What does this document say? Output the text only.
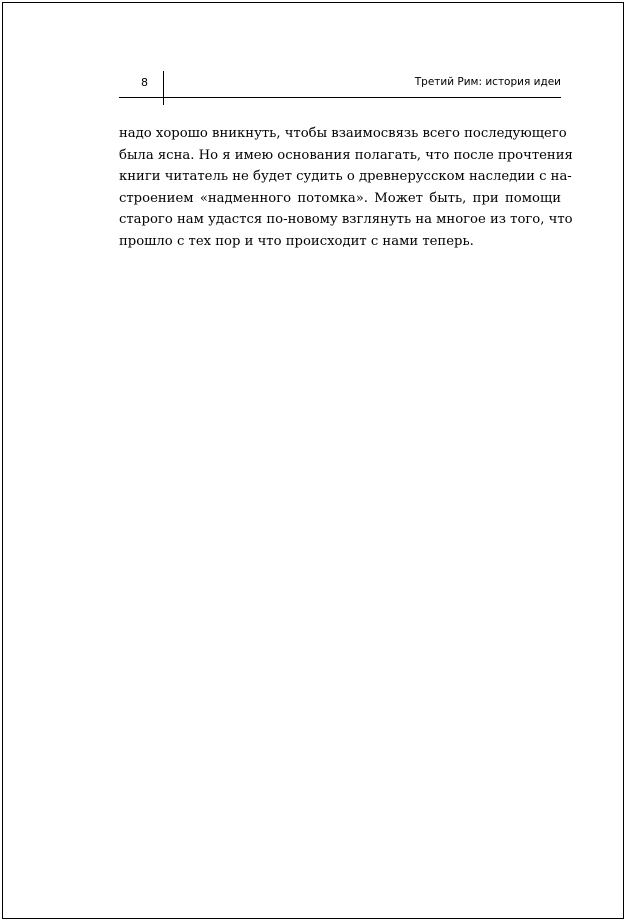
8	Третий Рим: история идеи
надо хорошо вникнуть, чтобы взаимосвязь всего последующего
была ясна. Но я имею основания полагать, что после прочтения
книги читатель не будет судить о древнерусском наследии с на-
строением «надменного потомка». Может быть, при помощи
старого нам удастся по-новому взглянуть на многое из того, что
прошло с тех пор и что происходит с нами теперь.
